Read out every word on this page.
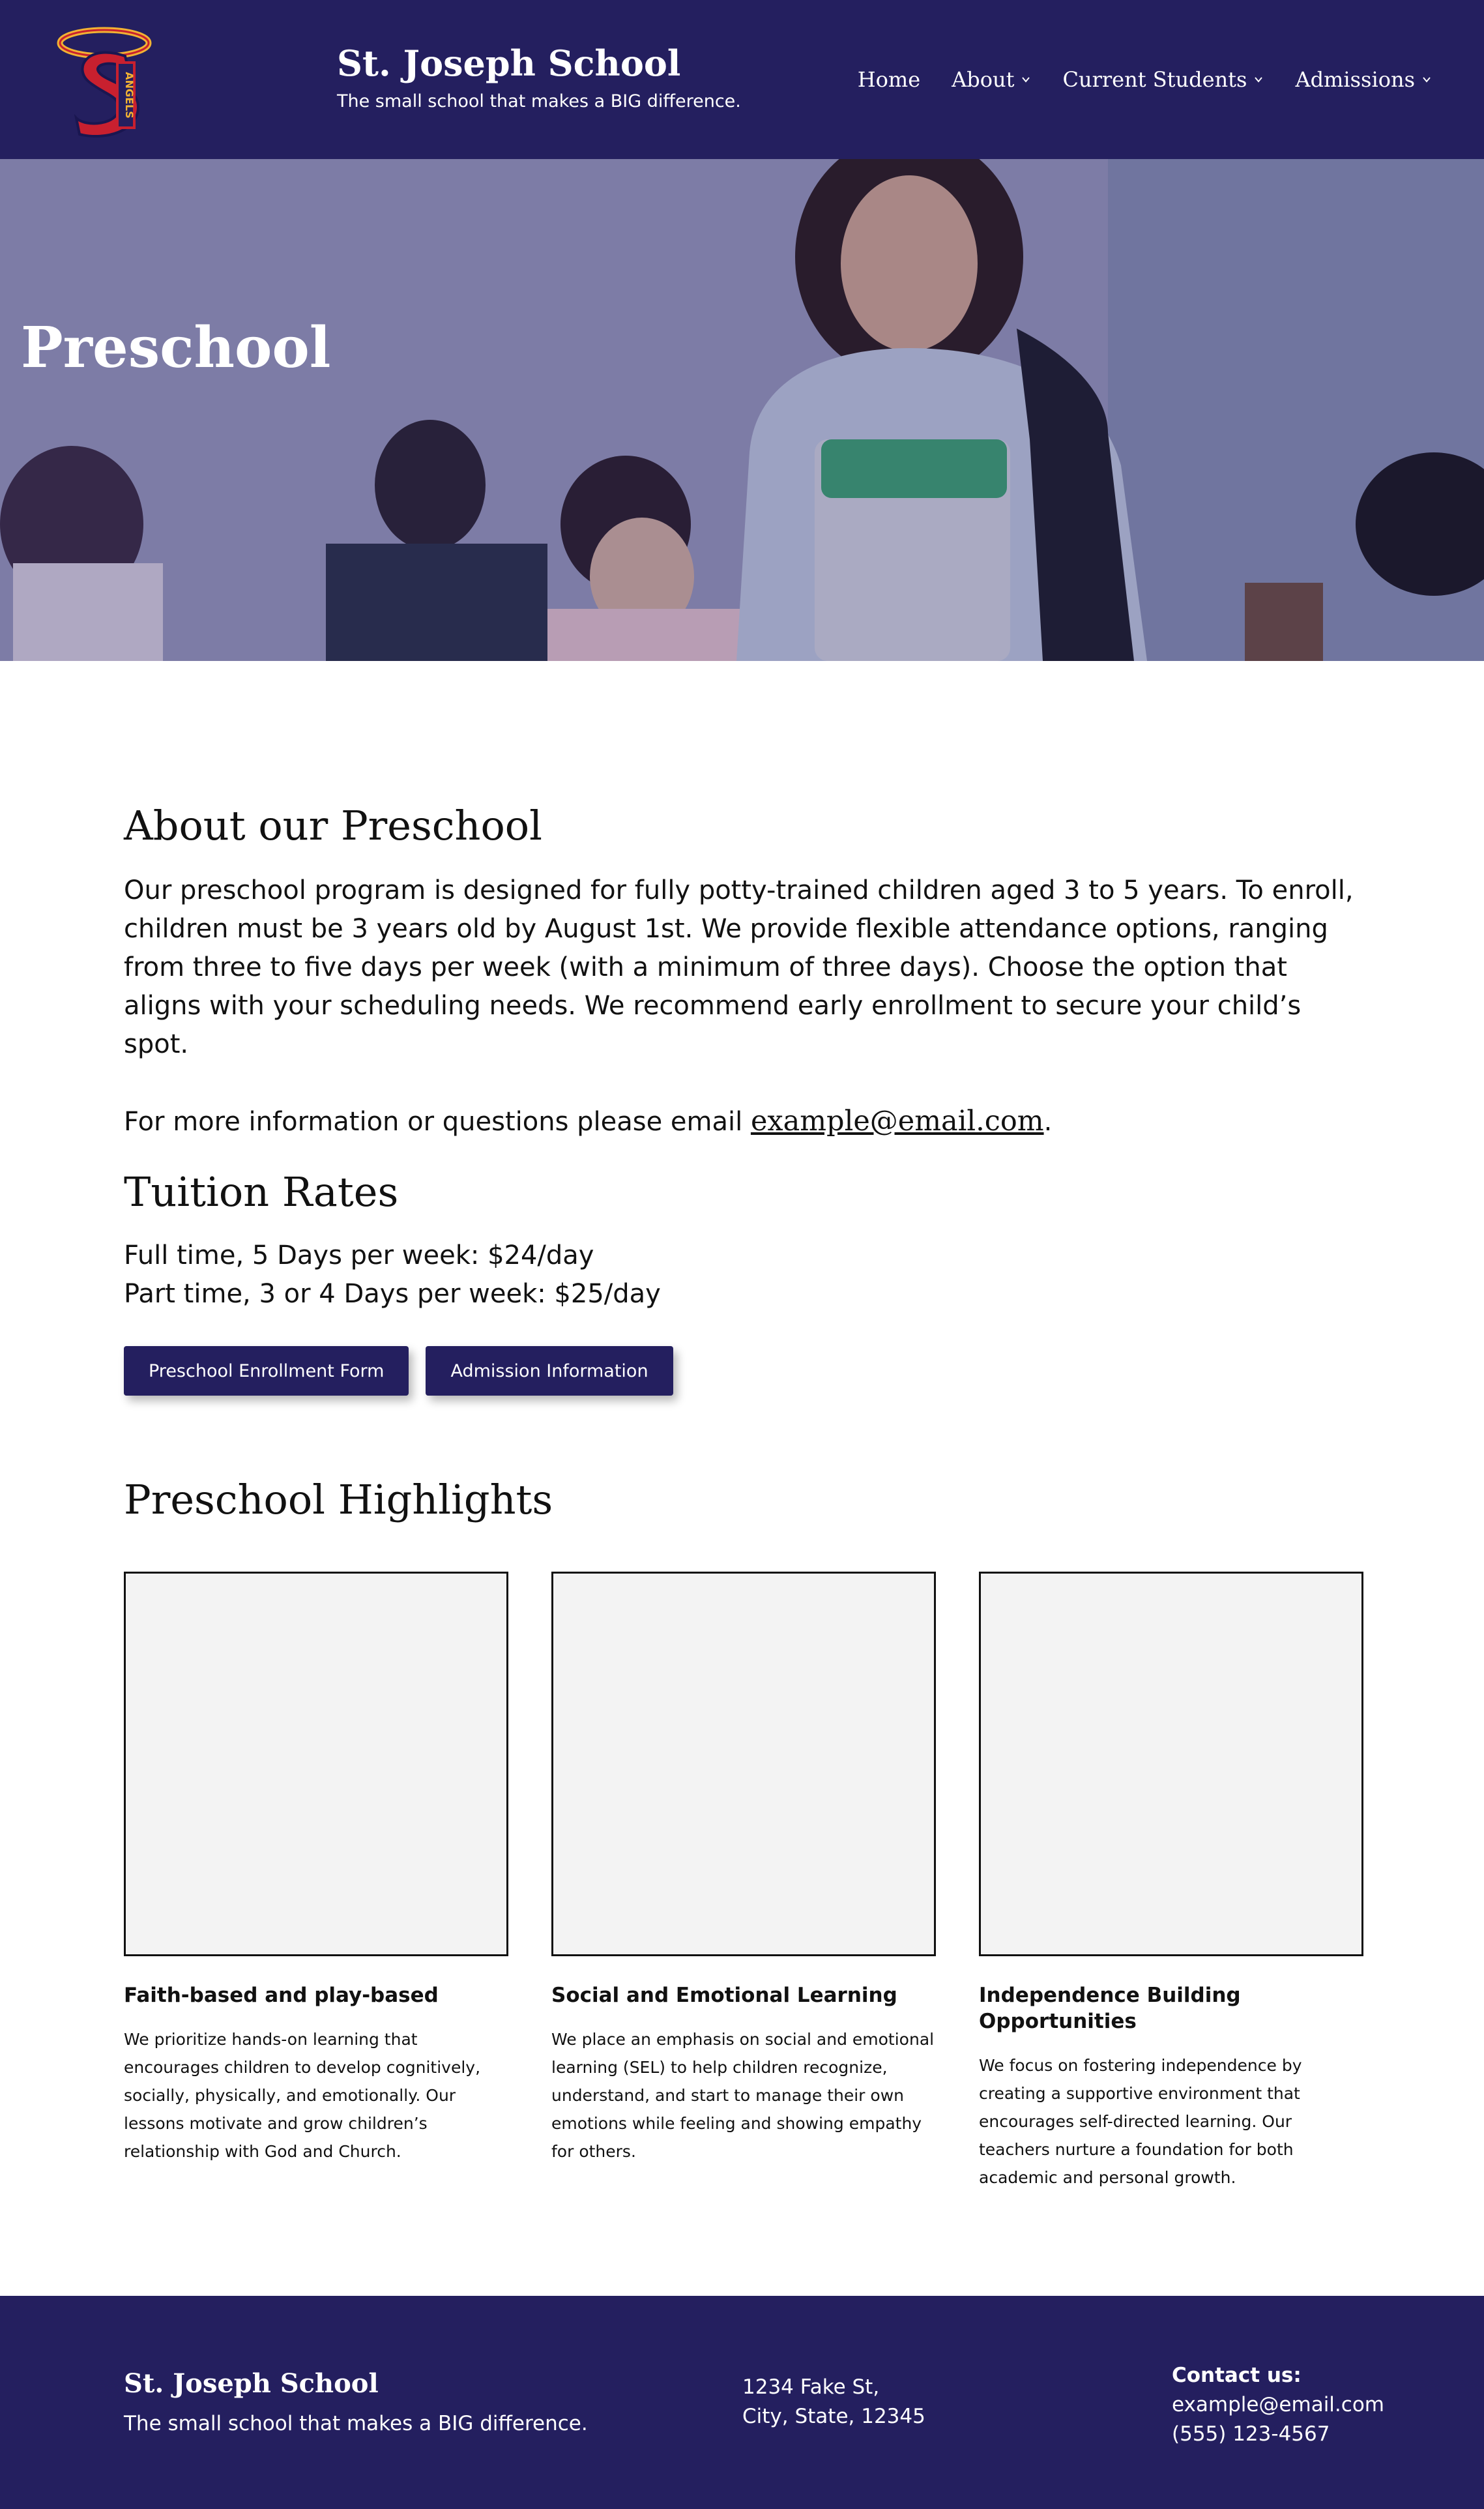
ANGELS
St. Joseph School
The small school that makes a BIG difference.
Home About Current Students Admissions
Preschool
About our Preschool

Our preschool program is designed for fully potty-trained children aged 3 to 5 years. To enroll, children must be 3 years old by August 1st. We provide flexible attendance options, ranging from three to five days per week (with a minimum of three days). Choose the option that aligns with your scheduling needs. We recommend early enrollment to secure your child’s spot.

For more information or questions please email example@email.com.

Tuition Rates

Full time, 5 Days per week: $24/day

Part time, 3 or 4 Days per week: $25/day

Preschool Enrollment Form	Admission Information
Preschool Highlights

Faith-based and play-based

We prioritize hands-on learning that encourages children to develop cognitively, socially, physically, and emotionally. Our lessons motivate and grow children’s relationship with God and Church.

Social and Emotional Learning

We place an emphasis on social and emotional learning (SEL) to help children recognize, understand, and start to manage their own emotions while feeling and showing empathy for others.

Independence Building Opportunities

We focus on fostering independence by creating a supportive environment that encourages self-directed learning. Our teachers nurture a foundation for both academic and personal growth.

St. Joseph School

The small school that makes a BIG difference.
1234 Fake St,
City, State, 12345
Contact us:
example@email.com
(555) 123-4567
